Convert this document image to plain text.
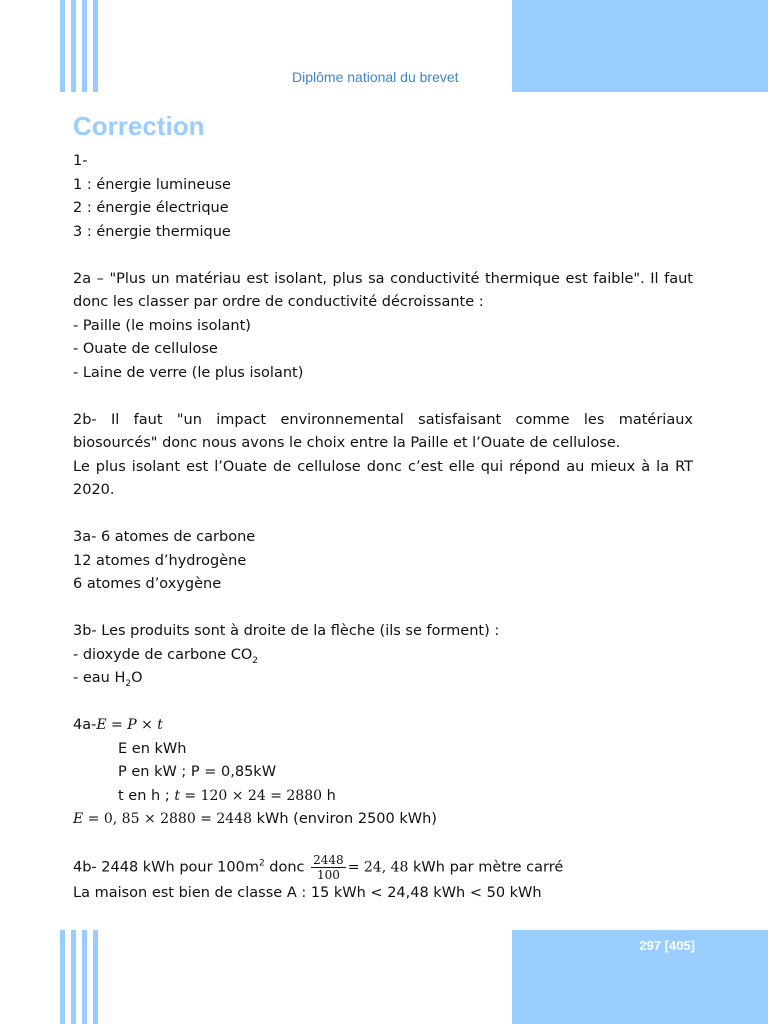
Diplôme national du brevet
297 [405]
Correction

1-

1 : énergie lumineuse

2 : énergie électrique

3 : énergie thermique

2a – "Plus un matériau est isolant, plus sa conductivité thermique est faible". Il faut donc les classer par ordre de conductivité décroissante :

- Paille (le moins isolant)

- Ouate de cellulose

- Laine de verre (le plus isolant)

2b- Il faut "un impact environnemental satisfaisant comme les matériaux biosourcés" donc nous avons le choix entre la Paille et l’Ouate de cellulose.

Le plus isolant est l’Ouate de cellulose donc c’est elle qui répond au mieux à la RT 2020.

3a- 6 atomes de carbone

12 atomes d’hydrogène

6 atomes d’oxygène

3b- Les produits sont à droite de la flèche (ils se forment) :

- dioxyde de carbone $CO_2$

- eau $H_2O$

4a-E = P × t

E en kWh

P en kW ; P = 0,85kW

t en h ; t = 120 × 24 = 2880 h

E = 0, 85 × 2880 = 2448 kWh (environ 2500 kWh)

4b- 2448 kWh pour $100m^2$ donc $\frac{2448}{100} = 24$, 48 kWh par mètre carré

La maison est bien de classe A : 15 kWh < 24,48 kWh < 50 kWh
